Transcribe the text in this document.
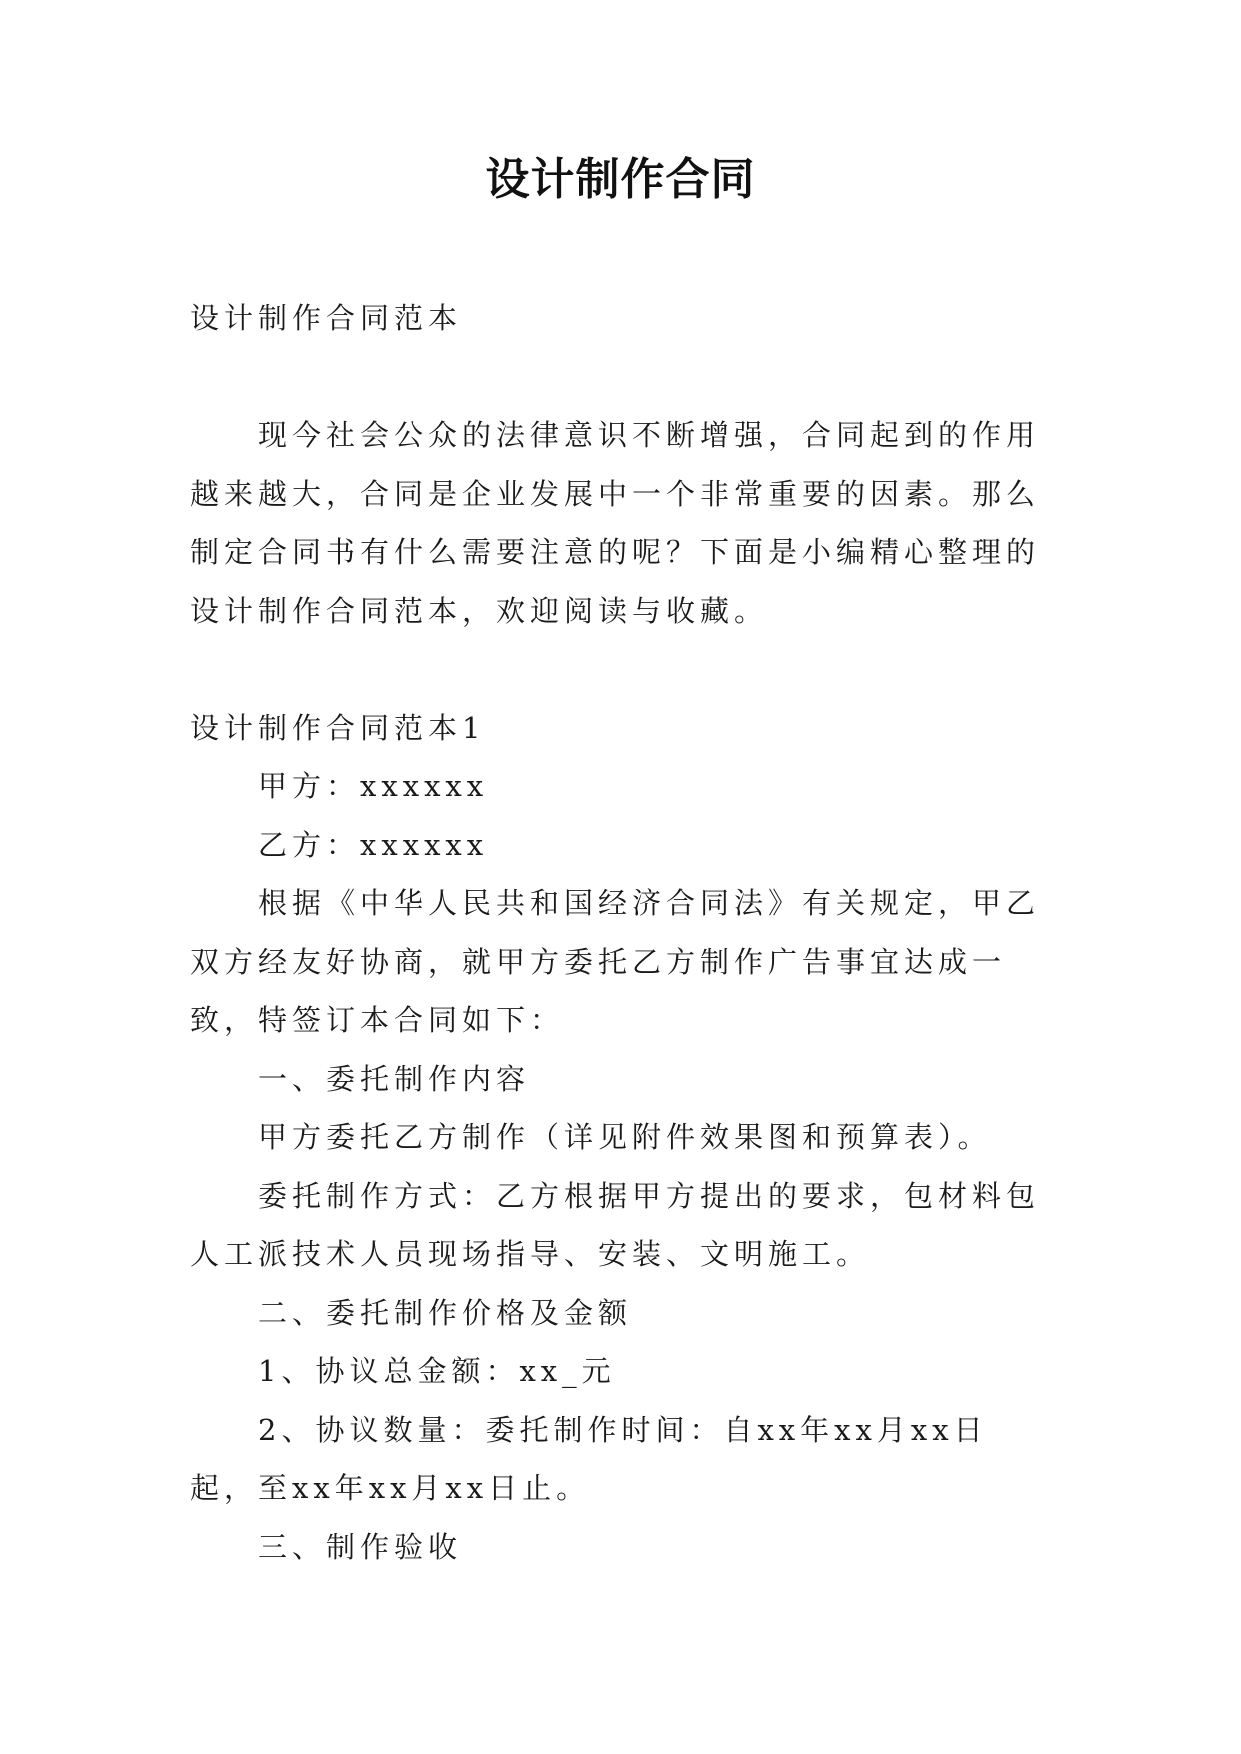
设计制作合同

设计制作合同范本

现今社会公众的法律意识不断增强，合同起到的作用越来越大，合同是企业发展中一个非常重要的因素。那么制定合同书有什么需要注意的呢？下面是小编精心整理的设计制作合同范本，欢迎阅读与收藏。

设计制作合同范本1

甲方：xxxxxx

乙方：xxxxxx

根据《中华人民共和国经济合同法》有关规定，甲乙双方经友好协商，就甲方委托乙方制作广告事宜达成一致，特签订本合同如下：

一、委托制作内容

甲方委托乙方制作（详见附件效果图和预算表）。

委托制作方式：乙方根据甲方提出的要求，包材料包人工派技术人员现场指导、安装、文明施工。

二、委托制作价格及金额

1、协议总金额：xx_元

2、协议数量：委托制作时间：自xx年xx月xx日起，至xx年xx月xx日止。

三、制作验收
